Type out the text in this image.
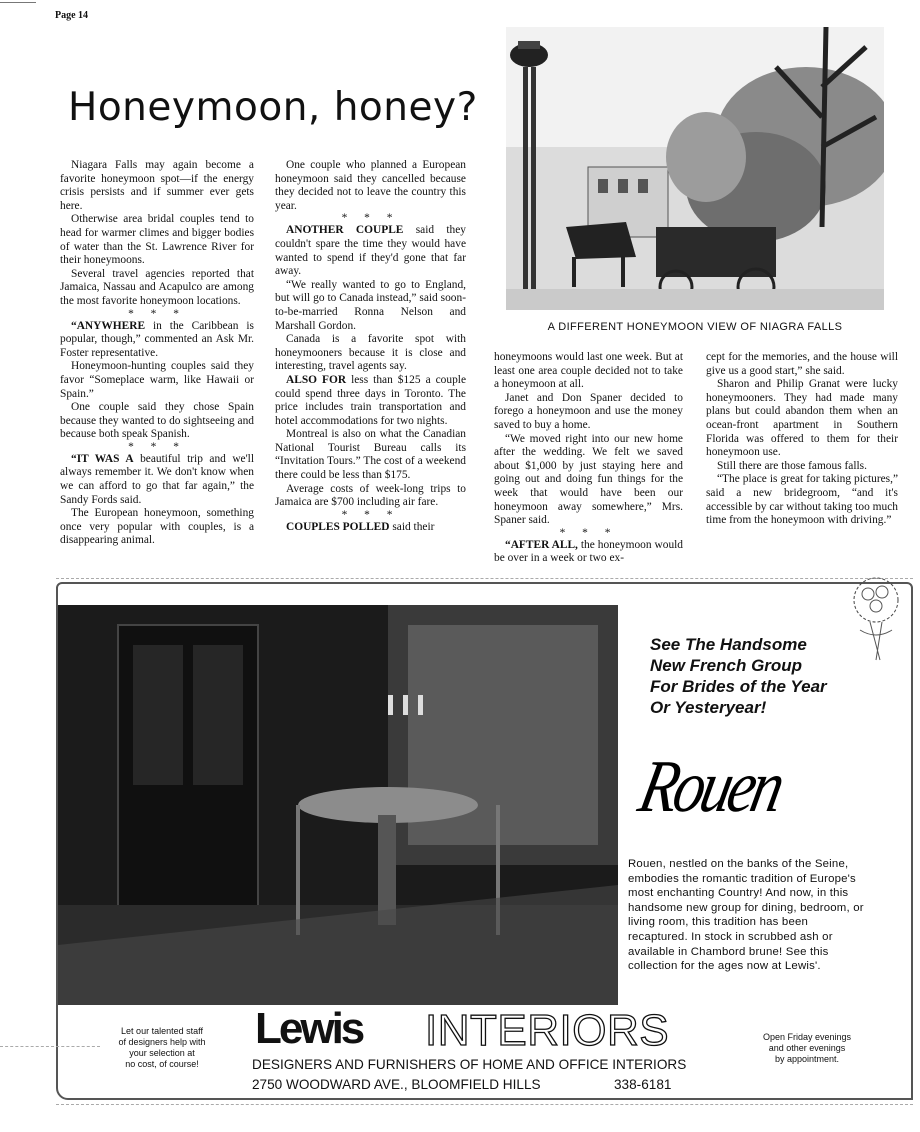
Page 14
Honeymoon, honey?

Niagara Falls may again become a favorite honeymoon spot—if the energy crisis persists and if summer ever gets here.

Otherwise area bridal couples tend to head for warmer climes and bigger bodies of water than the St. Lawrence River for their honeymoons.

Several travel agencies reported that Jamaica, Nassau and Acapulco are among the most favorite honeymoon locations.

* * *

“ANYWHERE in the Caribbean is popular, though,” commented an Ask Mr. Foster representative.

Honeymoon-hunting couples said they favor “Someplace warm, like Hawaii or Spain.”

One couple said they chose Spain because they wanted to do sightseeing and because both speak Spanish.

* * *

“IT WAS A beautiful trip and we'll always remember it. We don't know when we can afford to go that far again,” the Sandy Fords said.

The European honeymoon, something once very popular with couples, is a disappearing animal.

One couple who planned a European honeymoon said they cancelled because they decided not to leave the country this year.

* * *

ANOTHER COUPLE said they couldn't spare the time they would have wanted to spend if they'd gone that far away.

“We really wanted to go to England, but will go to Canada instead,” said soon-to-be-married Ronna Nelson and Marshall Gordon.

Canada is a favorite spot with honeymooners because it is close and interesting, travel agents say.

ALSO FOR less than $125 a couple could spend three days in Toronto. The price includes train transportation and hotel accommodations for two nights.

Montreal is also on what the Canadian National Tourist Bureau calls its “Invitation Tours.” The cost of a weekend there could be less than $175.

Average costs of week-long trips to Jamaica are $700 including air fare.

* * *

COUPLES POLLED said their

honeymoons would last one week. But at least one area couple decided not to take a honeymoon at all.

Janet and Don Spaner decided to forego a honeymoon and use the money saved to buy a home.

“We moved right into our new home after the wedding. We felt we saved about $1,000 by just staying here and going out and doing fun things for the week that would have been our honeymoon away somewhere,” Mrs. Spaner said.

* * *

“AFTER ALL, the honeymoon would be over in a week or two ex-

cept for the memories, and the house will give us a good start,” she said.

Sharon and Philip Granat were lucky honeymooners. They had made many plans but could abandon them when an ocean-front apartment in Southern Florida was offered to them for their honeymoon use.

Still there are those famous falls.

“The place is great for taking pictures,” said a new bridegroom, “and it's accessible by car without taking too much time from the honeymoon with driving.”

A DIFFERENT HONEYMOON VIEW OF NIAGRA FALLS
See The Handsome
New French Group
For Brides of the Year
Or Yesteryear!
Rouen
Rouen, nestled on the banks of the Seine, embodies the romantic tradition of Europe's most enchanting Country! And now, in this handsome new group for dining, bedroom, or living room, this tradition has been recaptured. In stock in scrubbed ash or available in Chambord brune! See this collection for the ages now at Lewis'.
Let our talented staff
of designers help with
your selection at
no cost, of course!
Lewis INTERIORS	Open Friday evenings
and other evenings
by appointment.
DESIGNERS AND FURNISHERS OF HOME AND OFFICE INTERIORS
2750 WOODWARD AVE., BLOOMFIELD HILLS	338-6181
